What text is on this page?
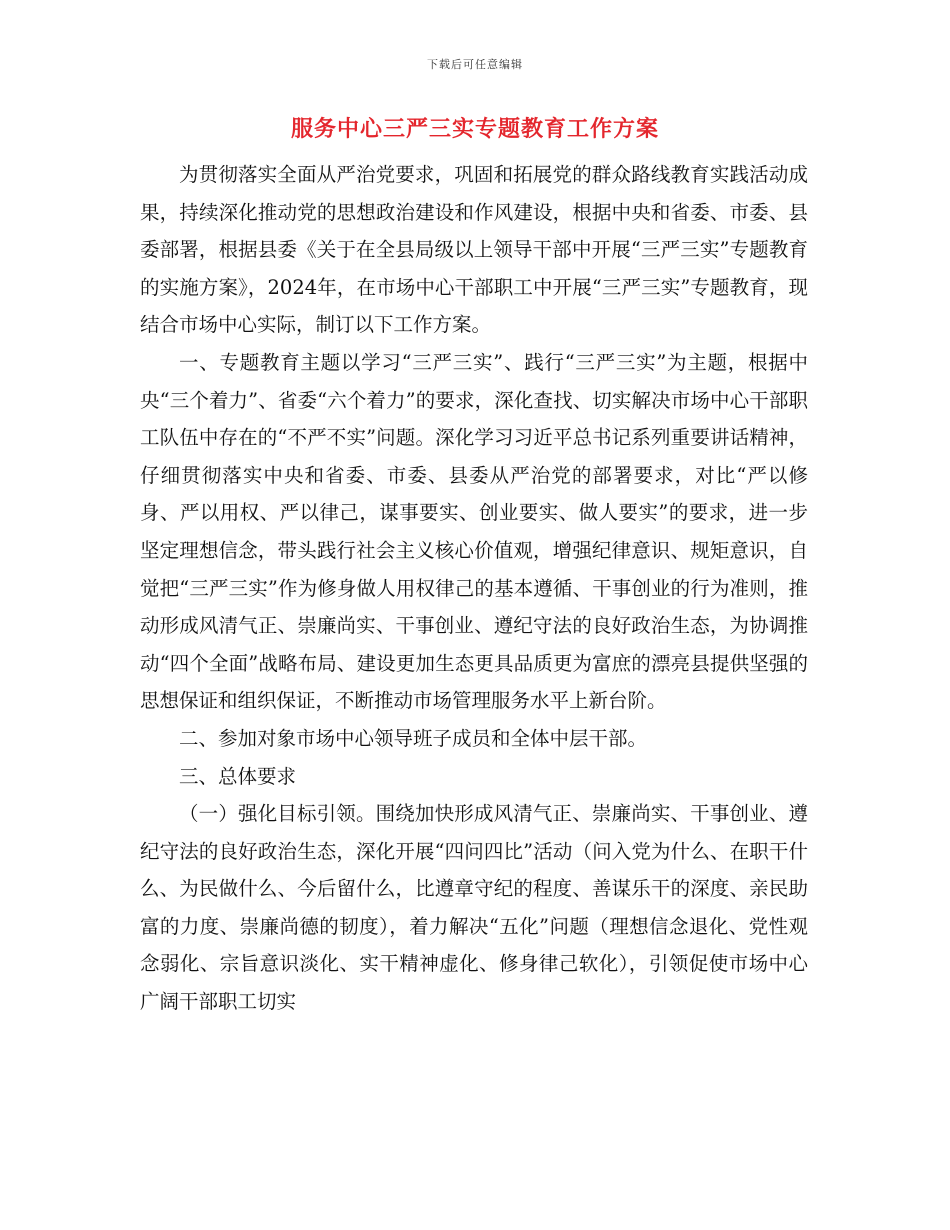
下载后可任意编辑
服务中心三严三实专题教育工作方案

为贯彻落实全面从严治党要求，巩固和拓展党的群众路线教育实践活动成果，持续深化推动党的思想政治建设和作风建设，根据中央和省委、市委、县委部署，根据县委《关于在全县局级以上领导干部中开展“三严三实”专题教育的实施方案》，2024年，在市场中心干部职工中开展“三严三实”专题教育，现结合市场中心实际，制订以下工作方案。

一、专题教育主题以学习“三严三实”、践行“三严三实”为主题，根据中央“三个着力”、省委“六个着力”的要求，深化查找、切实解决市场中心干部职工队伍中存在的“不严不实”问题。深化学习习近平总书记系列重要讲话精神，仔细贯彻落实中央和省委、市委、县委从严治党的部署要求，对比“严以修身、严以用权、严以律己，谋事要实、创业要实、做人要实”的要求，进一步坚定理想信念，带头践行社会主义核心价值观，增强纪律意识、规矩意识，自觉把“三严三实”作为修身做人用权律己的基本遵循、干事创业的行为准则，推动形成风清气正、崇廉尚实、干事创业、遵纪守法的良好政治生态，为协调推动“四个全面”战略布局、建设更加生态更具品质更为富庶的漂亮县提供坚强的思想保证和组织保证，不断推动市场管理服务水平上新台阶。

二、参加对象市场中心领导班子成员和全体中层干部。

三、总体要求

（一）强化目标引领。围绕加快形成风清气正、崇廉尚实、干事创业、遵纪守法的良好政治生态，深化开展“四问四比”活动（问入党为什么、在职干什么、为民做什么、今后留什么，比遵章守纪的程度、善谋乐干的深度、亲民助富的力度、崇廉尚德的韧度），着力解决“五化”问题（理想信念退化、党性观念弱化、宗旨意识淡化、实干精神虚化、修身律己软化），引领促使市场中心广阔干部职工切实
